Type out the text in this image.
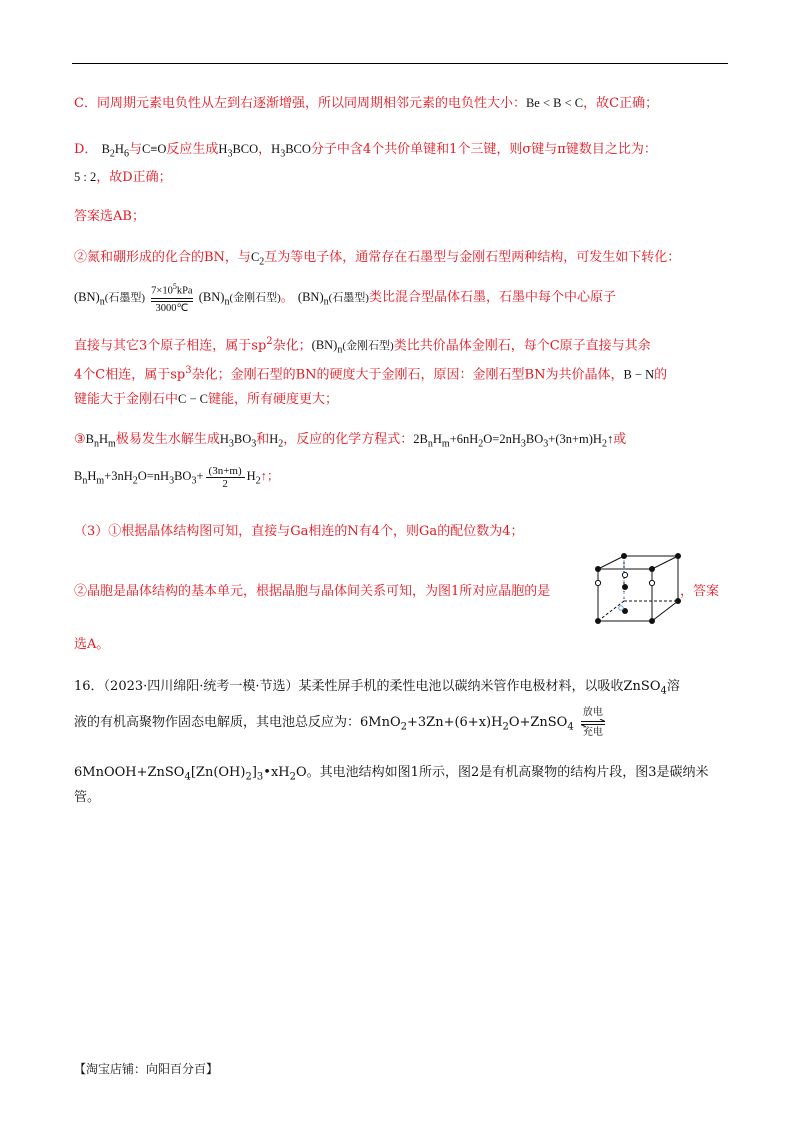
C．同周期元素电负性从左到右逐渐增强，所以同周期相邻元素的电负性大小：Be < B < C，故C正确；
D． $B_2H_6$与C≡O反应生成$H_3BCO$，$H_3BCO$分子中含4个共价单键和1个三键，则σ键与π键数目之比为：
5 : 2，故D正确；
答案选AB；
②氮和硼形成的化合的BN，与$C_2$互为等电子体，通常存在石墨型与金刚石型两种结构，可发生如下转化：
$(BN)_n$(石墨型)
$7\times 10^5kPa$
3000℃
$(BN)_n$(金刚石型)。 $(BN)_n$(石墨型)类比混合型晶体石墨，石墨中每个中心原子
直接与其它3个原子相连，属于$sp^2$杂化；$(BN)_n$(金刚石型)类比共价晶体金刚石，每个C原子直接与其余
4个C相连，属于$sp^3$杂化；金刚石型的BN的硬度大于金刚石，原因：金刚石型BN为共价晶体，B − N的
键能大于金刚石中C − C键能，所有硬度更大；
$③B_nH_m$极易发生水解生成$H_3BO_3$和$H_2$，反应的化学方程式：$2B_nH_m+6nH_2O=2nH_3BO_3+(3n+m)H_2↑$或
$B_nH_m+3nH_2O=nH_3BO_3+ \frac{(3n+m)}{2}$ $H_2↑$；
（3）①根据晶体结构图可知，直接与Ga相连的N有4个，则Ga的配位数为4；
②晶胞是晶体结构的基本单元，根据晶胞与晶体间关系可知，为图1所对应晶胞的是	，答案
选A。
16．（2023·四川绵阳·统考一模·节选）某柔性屏手机的柔性电池以碳纳米管作电极材料，以吸收ZnSO$_4$溶
液的有机高聚物作固态电解质，其电池总反应为：$6MnO_2+3Zn+(6+x)H_2O+ZnSO_4$
放电
充电
$6MnOOH+ZnSO_4[Zn(OH)_2]_3•xH_2O$。其电池结构如图1所示，图2是有机高聚物的结构片段，图3是碳纳米
管。
【淘宝店铺：向阳百分百】
